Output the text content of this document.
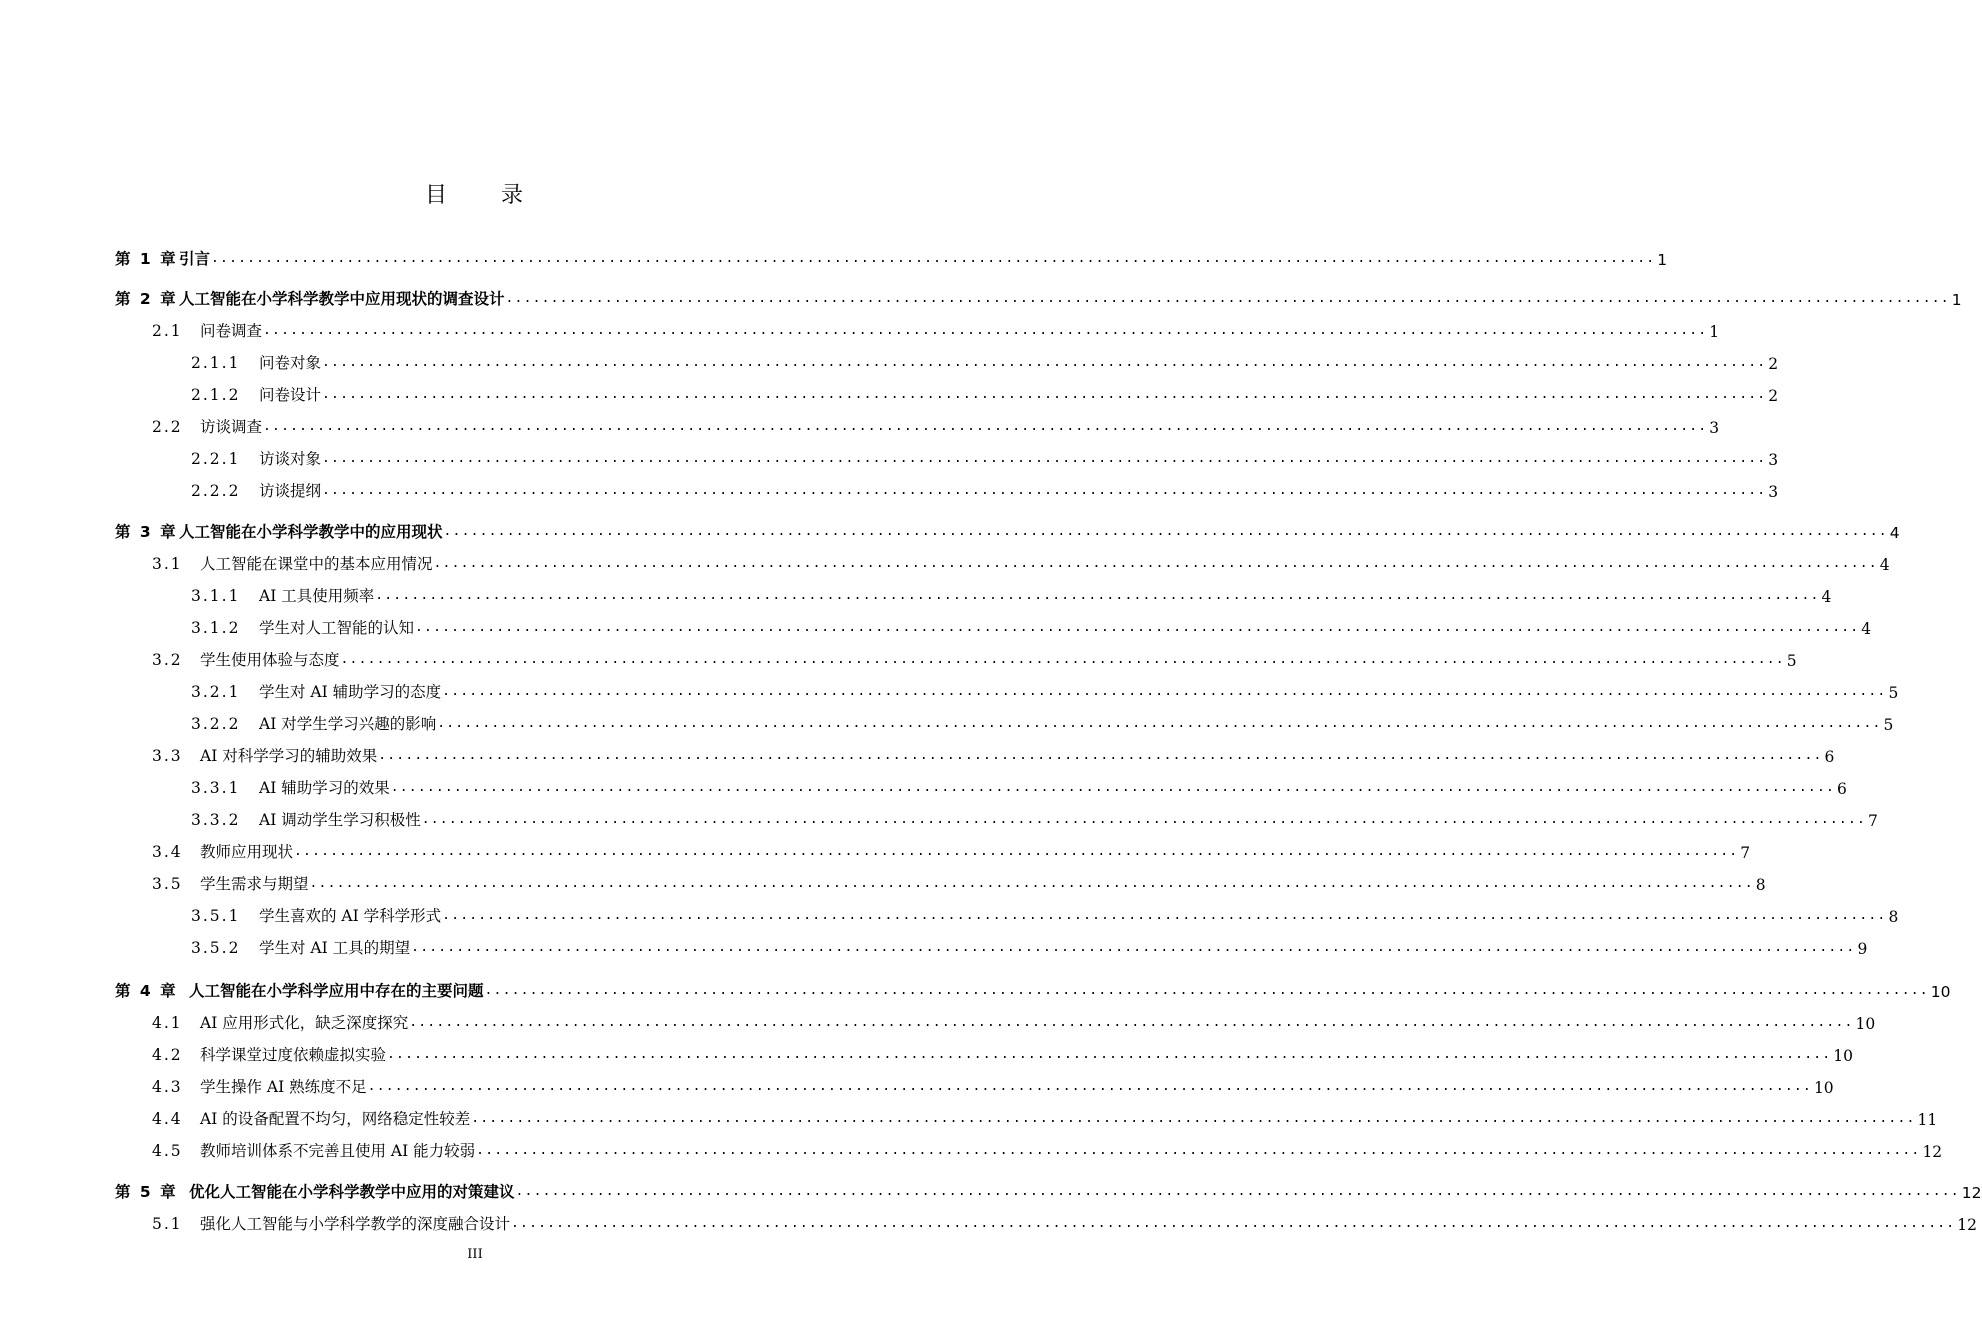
目 录
第 1 章引言 ................................................................................................................................................................ 1
第 2 章人工智能在小学科学教学中应用现状的调查设计 ................................................................................................................................................................ 1
2.1 问卷调查 ................................................................................................................................................................ 1
2.1.1 问卷对象 ................................................................................................................................................................ 2
2.1.2 问卷设计 ................................................................................................................................................................ 2
2.2 访谈调查 ................................................................................................................................................................ 3
2.2.1 访谈对象 ................................................................................................................................................................ 3
2.2.2 访谈提纲 ................................................................................................................................................................ 3
第 3 章人工智能在小学科学教学中的应用现状 ................................................................................................................................................................ 4
3.1 人工智能在课堂中的基本应用情况 ................................................................................................................................................................ 4
3.1.1 AI 工具使用频率 ................................................................................................................................................................ 4
3.1.2 学生对人工智能的认知 ................................................................................................................................................................ 4
3.2 学生使用体验与态度 ................................................................................................................................................................ 5
3.2.1 学生对 AI 辅助学习的态度 ................................................................................................................................................................ 5
3.2.2 AI 对学生学习兴趣的影响 ................................................................................................................................................................ 5
3.3 AI 对科学学习的辅助效果 ................................................................................................................................................................ 6
3.3.1 AI 辅助学习的效果 ................................................................................................................................................................ 6
3.3.2 AI 调动学生学习积极性 ................................................................................................................................................................ 7
3.4 教师应用现状 ................................................................................................................................................................ 7
3.5 学生需求与期望 ................................................................................................................................................................ 8
3.5.1 学生喜欢的 AI 学科学形式 ................................................................................................................................................................ 8
3.5.2 学生对 AI 工具的期望 ................................................................................................................................................................ 9
第 4 章 人工智能在小学科学应用中存在的主要问题 ................................................................................................................................................................ 10
4.1 AI 应用形式化，缺乏深度探究 ................................................................................................................................................................ 10
4.2 科学课堂过度依赖虚拟实验 ................................................................................................................................................................ 10
4.3 学生操作 AI 熟练度不足 ................................................................................................................................................................ 10
4.4 AI 的设备配置不均匀，网络稳定性较差 ................................................................................................................................................................ 11
4.5 教师培训体系不完善且使用 AI 能力较弱 ................................................................................................................................................................ 12
第 5 章 优化人工智能在小学科学教学中应用的对策建议 ................................................................................................................................................................ 12
5.1 强化人工智能与小学科学教学的深度融合设计 ................................................................................................................................................................ 12
III
